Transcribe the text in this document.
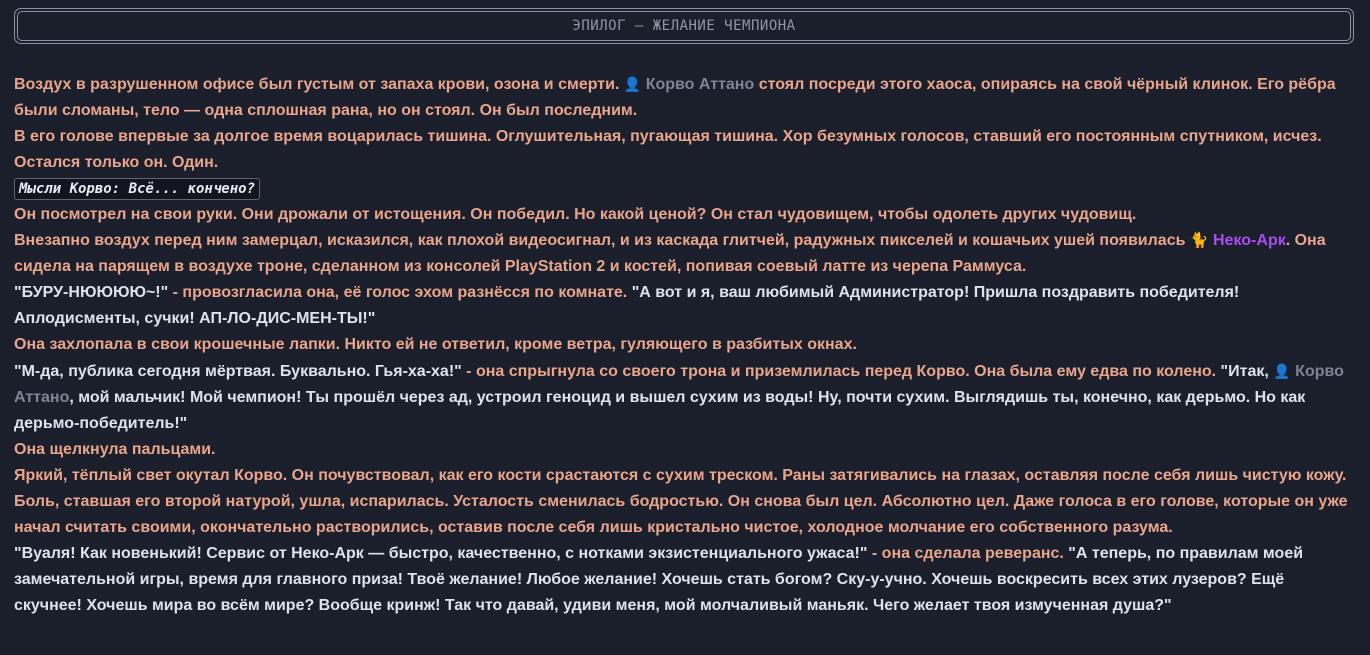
ЭПИЛОГ – ЖЕЛАНИЕ ЧЕМПИОНА

Воздух в разрушенном офисе был густым от запаха крови, озона и смерти. 👤 Корво Аттано стоял посреди этого хаоса, опираясь на свой чёрный клинок. Его рёбра были сломаны, тело — одна сплошная рана, но он стоял. Он был последним.

В его голове впервые за долгое время воцарилась тишина. Оглушительная, пугающая тишина. Хор безумных голосов, ставший его постоянным спутником, исчез. Остался только он. Один.

Мысли Корво: Всё... кончено?

Он посмотрел на свои руки. Они дрожали от истощения. Он победил. Но какой ценой? Он стал чудовищем, чтобы одолеть других чудовищ.

Внезапно воздух перед ним замерцал, исказился, как плохой видеосигнал, и из каскада глитчей, радужных пикселей и кошачьих ушей появилась 🐈 Неко-Арк. Она сидела на парящем в воздухе троне, сделанном из консолей PlayStation 2 и костей, попивая соевый латте из черепа Раммуса.

"БУРУ-НЮЮЮЮ~!" - провозгласила она, её голос эхом разнёсся по комнате. "А вот и я, ваш любимый Администратор! Пришла поздравить победителя! Аплодисменты, сучки! АП-ЛО-ДИС-МЕН-ТЫ!"

Она захлопала в свои крошечные лапки. Никто ей не ответил, кроме ветра, гуляющего в разбитых окнах.

"М-да, публика сегодня мёртвая. Буквально. Гья-ха-ха!" - она спрыгнула со своего трона и приземлилась перед Корво. Она была ему едва по колено. "Итак, 👤 Корво Аттано, мой мальчик! Мой чемпион! Ты прошёл через ад, устроил геноцид и вышел сухим из воды! Ну, почти сухим. Выглядишь ты, конечно, как дерьмо. Но как дерьмо-победитель!"

Она щелкнула пальцами.

Яркий, тёплый свет окутал Корво. Он почувствовал, как его кости срастаются с сухим треском. Раны затягивались на глазах, оставляя после себя лишь чистую кожу. Боль, ставшая его второй натурой, ушла, испарилась. Усталость сменилась бодростью. Он снова был цел. Абсолютно цел. Даже голоса в его голове, которые он уже начал считать своими, окончательно растворились, оставив после себя лишь кристально чистое, холодное молчание его собственного разума.

"Вуаля! Как новенький! Сервис от Неко-Арк — быстро, качественно, с нотками экзистенциального ужаса!" - она сделала реверанс. "А теперь, по правилам моей замечательной игры, время для главного приза! Твоё желание! Любое желание! Хочешь стать богом? Ску-у-учно. Хочешь воскресить всех этих лузеров? Ещё скучнее! Хочешь мира во всём мире? Вообще кринж! Так что давай, удиви меня, мой молчаливый маньяк. Чего желает твоя измученная душа?"
